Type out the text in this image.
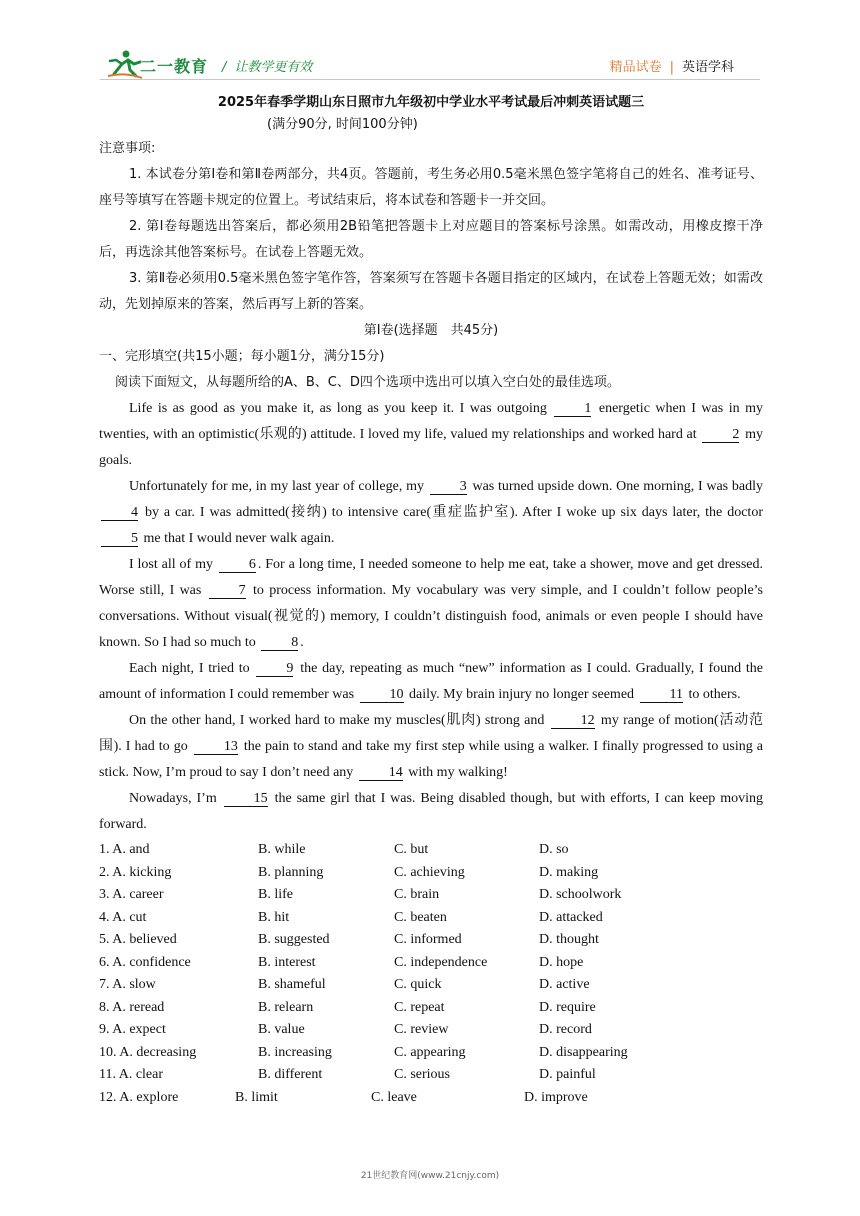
二一教育 / 让教学更有效	精品试卷 | 英语学科
2025年春季学期山东日照市九年级初中学业水平考试最后冲刺英语试题三
(满分90分, 时间100分钟)
注意事项:

1. 本试卷分第Ⅰ卷和第Ⅱ卷两部分，共4页。答题前，考生务必用0.5毫米黑色签字笔将自己的姓名、准考证号、座号等填写在答题卡规定的位置上。考试结束后，将本试卷和答题卡一并交回。

2. 第Ⅰ卷每题选出答案后，都必须用2B铅笔把答题卡上对应题目的答案标号涂黑。如需改动，用橡皮擦干净后，再选涂其他答案标号。在试卷上答题无效。

3. 第Ⅱ卷必须用0.5毫米黑色签字笔作答，答案须写在答题卡各题目指定的区域内，在试卷上答题无效；如需改动，先划掉原来的答案，然后再写上新的答案。

第Ⅰ卷(选择题　共45分)
一、完形填空(共15小题；每小题1分，满分15分)
阅读下面短文，从每题所给的A、B、C、D四个选项中选出可以填入空白处的最佳选项。

Life is as good as you make it, as long as you keep it. I was outgoing 1 energetic when I was in my twenties, with an optimistic(乐观的) attitude. I loved my life, valued my relationships and worked hard at 2 my goals.

Unfortunately for me, in my last year of college, my 3 was turned upside down. One morning, I was badly 4 by a car. I was admitted(接纳) to intensive care(重症监护室). After I woke up six days later, the doctor 5 me that I would never walk again.

I lost all of my 6 . For a long time, I needed someone to help me eat, take a shower, move and get dressed. Worse still, I was 7 to process information. My vocabulary was very simple, and I couldn’t follow people’s conversations. Without visual(视觉的) memory, I couldn’t distinguish food, animals or even people I should have known. So I had so much to 8 .

Each night, I tried to 9 the day, repeating as much “new” information as I could. Gradually, I found the amount of information I could remember was 10 daily. My brain injury no longer seemed 11 to others.

On the other hand, I worked hard to make my muscles(肌肉) strong and 12 my range of motion(活动范围). I had to go 13 the pain to stand and take my first step while using a walker. I finally progressed to using a stick. Now, I’m proud to say I don’t need any 14 with my walking!

Nowadays, I’m 15 the same girl that I was. Being disabled though, but with efforts, I can keep moving forward.

1. A. and	B. while	C. but	D. so
2. A. kicking	B. planning	C. achieving	D. making
3. A. career	B. life	C. brain	D. schoolwork
4. A. cut	B. hit	C. beaten	D. attacked
5. A. believed	B. suggested	C. informed	D. thought
6. A. confidence	B. interest	C. independence	D. hope
7. A. slow	B. shameful	C. quick	D. active
8. A. reread	B. relearn	C. repeat	D. require
9. A. expect	B. value	C. review	D. record
10. A. decreasing	B. increasing	C. appearing	D. disappearing
11. A. clear	B. different	C. serious	D. painful
12. A. explore	B. limit	C. leave	D. improve
21世纪教育网(www.21cnjy.com)
